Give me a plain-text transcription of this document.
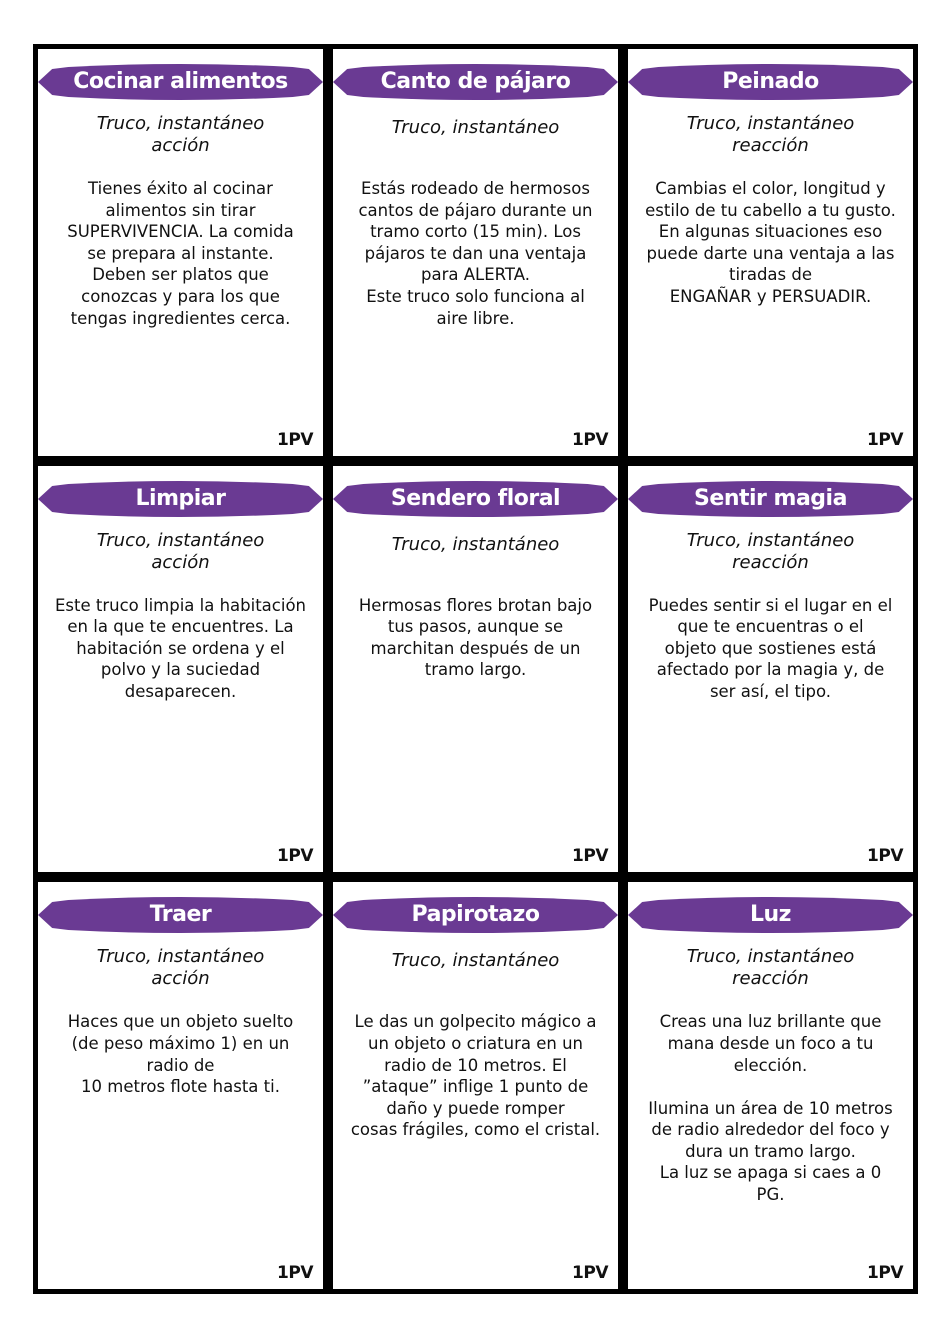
Cocinar alimentos
Truco, instantáneo
acción
Tienes éxito al cocinar
alimentos sin tirar
SUPERVIVENCIA. La comida
se prepara al instante.
Deben ser platos que
conozcas y para los que
tengas ingredientes cerca.
1PV
Canto de pájaro
Truco, instantáneo
Estás rodeado de hermosos
cantos de pájaro durante un
tramo corto (15 min). Los
pájaros te dan una ventaja
para ALERTA.
Este truco solo funciona al
aire libre.
1PV
Peinado
Truco, instantáneo
reacción
Cambias el color, longitud y
estilo de tu cabello a tu gusto.
En algunas situaciones eso
puede darte una ventaja a las
tiradas de
ENGAÑAR y PERSUADIR.
1PV
Limpiar
Truco, instantáneo
acción
Este truco limpia la habitación
en la que te encuentres. La
habitación se ordena y el
polvo y la suciedad
desaparecen.
1PV
Sendero floral
Truco, instantáneo
Hermosas flores brotan bajo
tus pasos, aunque se
marchitan después de un
tramo largo.
1PV
Sentir magia
Truco, instantáneo
reacción
Puedes sentir si el lugar en el
que te encuentras o el
objeto que sostienes está
afectado por la magia y, de
ser así, el tipo.
1PV
Traer
Truco, instantáneo
acción
Haces que un objeto suelto
(de peso máximo 1) en un
radio de
10 metros flote hasta ti.
1PV
Papirotazo
Truco, instantáneo
Le das un golpecito mágico a
un objeto o criatura en un
radio de 10 metros. El
”ataque” inflige 1 punto de
daño y puede romper
cosas frágiles, como el cristal.
1PV
Luz
Truco, instantáneo
reacción
Creas una luz brillante que
mana desde un foco a tu
elección.

Ilumina un área de 10 metros
de radio alrededor del foco y
dura un tramo largo.
La luz se apaga si caes a 0
PG.
1PV
